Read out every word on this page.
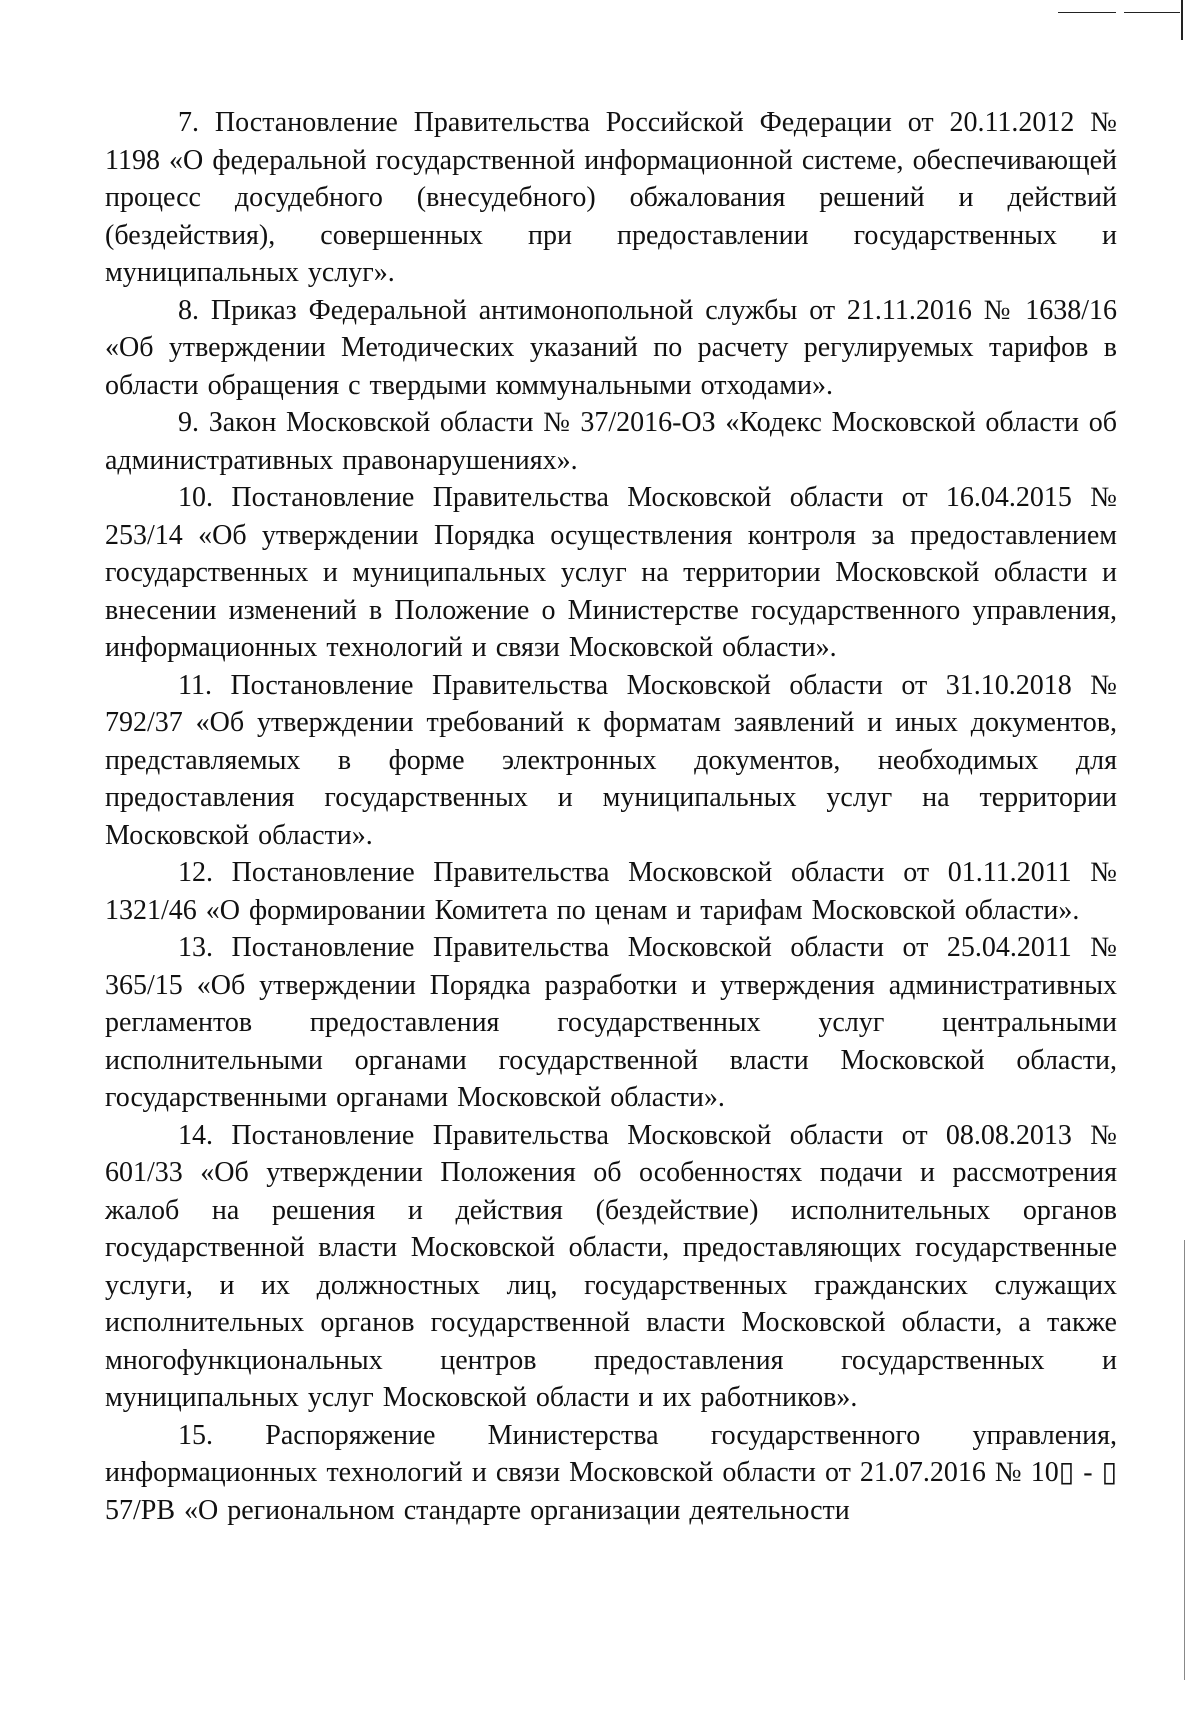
7. Постановление Правительства Российской Федерации от 20.11.2012 № 1198 «О федеральной государственной информационной системе, обеспечивающей процесс досудебного (внесудебного) обжалования решений и действий (бездействия), совершенных при предоставлении государственных и муниципальных услуг».

8. Приказ Федеральной антимонопольной службы от 21.11.2016 № 1638/16 «Об утверждении Методических указаний по расчету регулируемых тарифов в области обращения с твердыми коммунальными отходами».

9. Закон Московской области № 37/2016-ОЗ «Кодекс Московской области об административных правонарушениях».

10. Постановление Правительства Московской области от 16.04.2015 № 253/14 «Об утверждении Порядка осуществления контроля за предоставлением государственных и муниципальных услуг на территории Московской области и внесении изменений в Положение о Министерстве государственного управления, информационных технологий и связи Московской области».

11. Постановление Правительства Московской области от 31.10.2018 № 792/37 «Об утверждении требований к форматам заявлений и иных документов, представляемых в форме электронных документов, необходимых для предоставления государственных и муниципальных услуг на территории Московской области».

12. Постановление Правительства Московской области от 01.11.2011 № 1321/46 «О формировании Комитета по ценам и тарифам Московской области».

13. Постановление Правительства Московской области от 25.04.2011 № 365/15 «Об утверждении Порядка разработки и утверждения административных регламентов предоставления государственных услуг центральными исполнительными органами государственной власти Московской области, государственными органами Московской области».

14. Постановление Правительства Московской области от 08.08.2013 № 601/33 «Об утверждении Положения об особенностях подачи и рассмотрения жалоб на решения и действия (бездействие) исполнительных органов государственной власти Московской области, предоставляющих государственные услуги, и их должностных лиц, государственных гражданских служащих исполнительных органов государственной власти Московской области, а также многофункциональных центров предоставления государственных и муниципальных услуг Московской области и их работников».

15. Распоряжение Министерства государственного управления, информационных технологий и связи Московской области от 21.07.2016 № 10▯ - ▯ 57/РВ «О региональном стандарте организации деятельности
